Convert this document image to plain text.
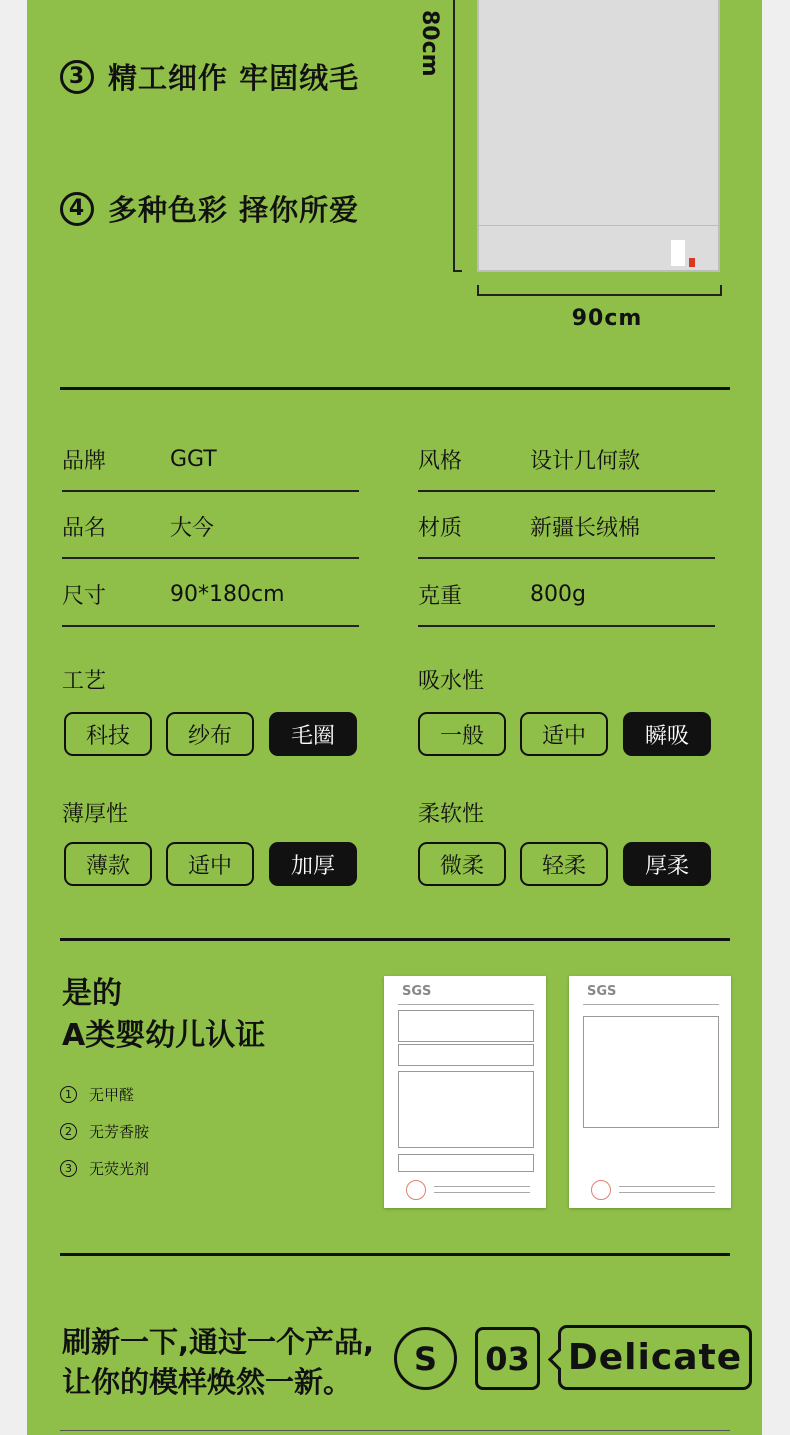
3 精工细作 牢固绒毛
4 多种色彩 择你所爱
80cm
90cm
品牌	GGT	风格	设计几何款
品名	大今	材质	新疆长绒棉
尺寸	90*180cm	克重	800g
工艺
科技	纱布	毛圈
吸水性
一般	适中	瞬吸
薄厚性
薄款	适中	加厚
柔软性
微柔	轻柔	厚柔
是的
A类婴幼儿认证
1	无甲醛
2	无芳香胺
3	无荧光剂
SGS	SGS
刷新一下,通过一个产品,
让你的模样焕然一新。
S	03 Delicate
